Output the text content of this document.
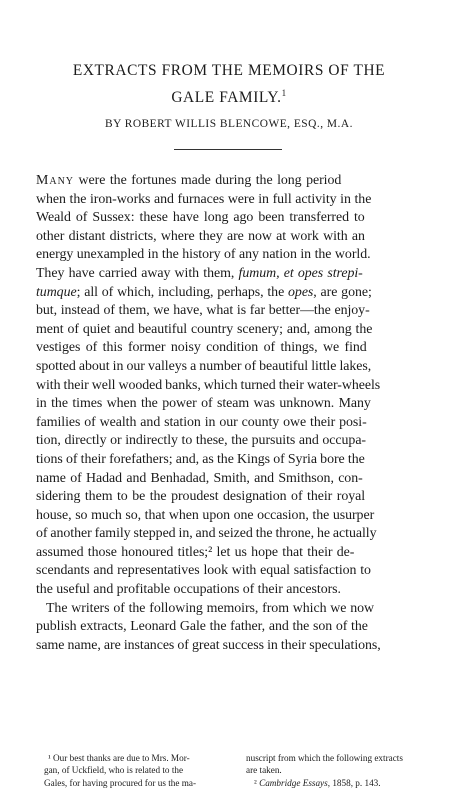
EXTRACTS FROM THE MEMOIRS OF THE
GALE FAMILY.$^1$
BY ROBERT WILLIS BLENCOWE, ESQ., M.A.
Many were the fortunes made during the long period
when the iron-works and furnaces were in full activity in the
Weald of Sussex: these have long ago been transferred to
other distant districts, where they are now at work with an
energy unexampled in the history of any nation in the world.
They have carried away with them, fumum, et opes strepi-
tumque; all of which, including, perhaps, the opes, are gone;
but, instead of them, we have, what is far better—the enjoy-
ment of quiet and beautiful country scenery; and, among the
vestiges of this former noisy condition of things, we find
spotted about in our valleys a number of beautiful little lakes,
with their well wooded banks, which turned their water-wheels
in the times when the power of steam was unknown. Many
families of wealth and station in our county owe their posi-
tion, directly or indirectly to these, the pursuits and occupa-
tions of their forefathers; and, as the Kings of Syria bore the
name of Hadad and Benhadad, Smith, and Smithson, con-
sidering them to be the proudest designation of their royal
house, so much so, that when upon one occasion, the usurper
of another family stepped in, and seized the throne, he actually
assumed those honoured titles;² let us hope that their de-
scendants and representatives look with equal satisfaction to
the useful and profitable occupations of their ancestors.
The writers of the following memoirs, from which we now
publish extracts, Leonard Gale the father, and the son of the
same name, are instances of great success in their speculations,
¹ Our best thanks are due to Mrs. Mor-
gan, of Uckfield, who is related to the
Gales, for having procured for us the ma-
nuscript from which the following extracts
are taken.
² Cambridge Essays, 1858, p. 143.
